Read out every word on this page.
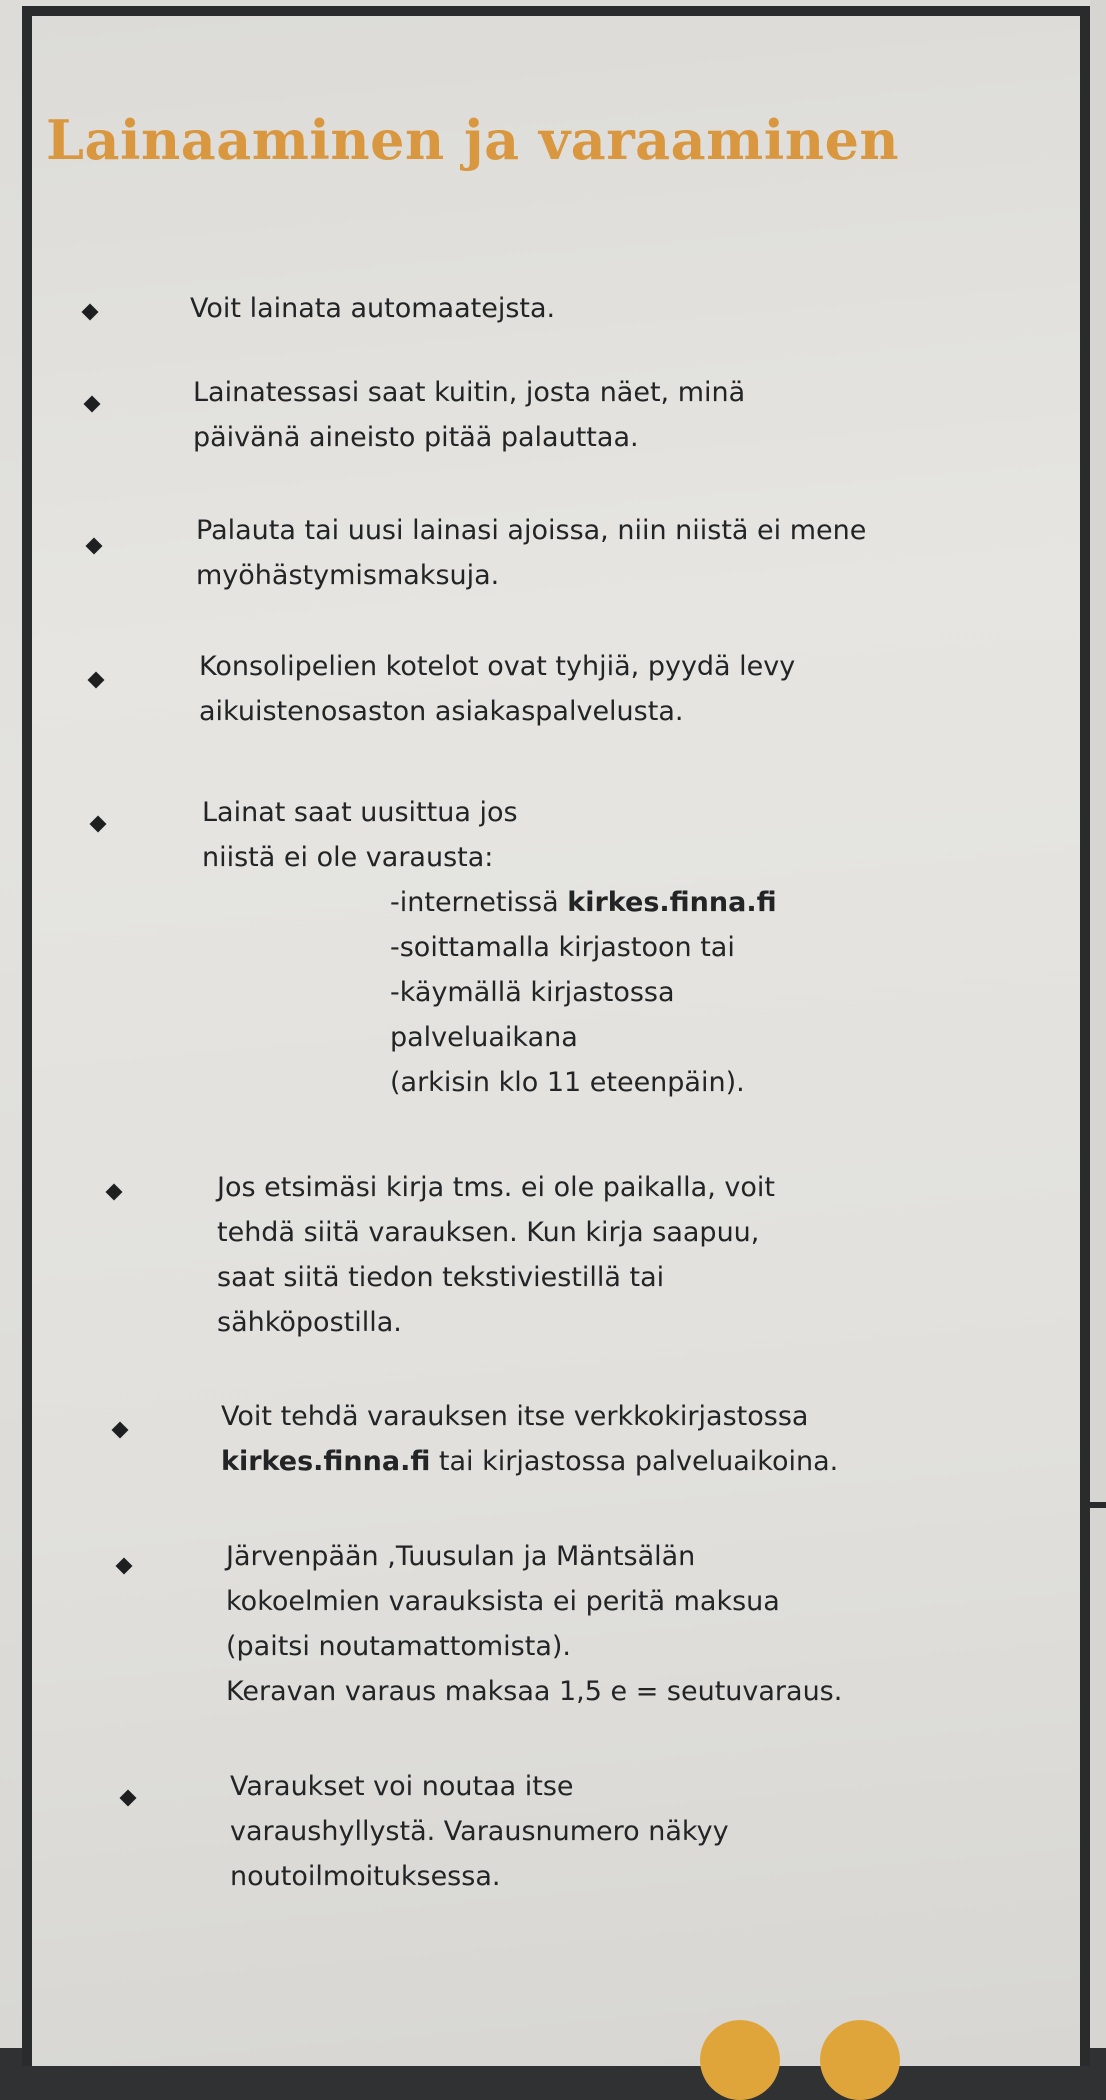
Lainaaminen ja varaaminen

Voit lainata automaatejsta.

Lainatessasi saat kuitin, josta näet, minä
päivänä aineisto pitää palauttaa.

Palauta tai uusi lainasi ajoissa, niin niistä ei mene
myöhästymismaksuja.

Konsolipelien kotelot ovat tyhjiä, pyydä levy
aikuistenosaston asiakaspalvelusta.

Lainat saat uusittua jos
niistä ei ole varausta:

-internetissä kirkes.finna.fi
-soittamalla kirjastoon tai
-käymällä kirjastossa
palveluaikana
(arkisin klo 11 eteenpäin).

Jos etsimäsi kirja tms. ei ole paikalla, voit
tehdä siitä varauksen. Kun kirja saapuu,
saat siitä tiedon tekstiviestillä tai
sähköpostilla.

Voit tehdä varauksen itse verkkokirjastossa
kirkes.finna.fi tai kirjastossa palveluaikoina.

Järvenpään ,Tuusulan ja Mäntsälän
kokoelmien varauksista ei peritä maksua
(paitsi noutamattomista).
Keravan varaus maksaa 1,5 e = seutuvaraus.

Varaukset voi noutaa itse
varaushyllystä. Varausnumero näkyy
noutoilmoituksessa.
